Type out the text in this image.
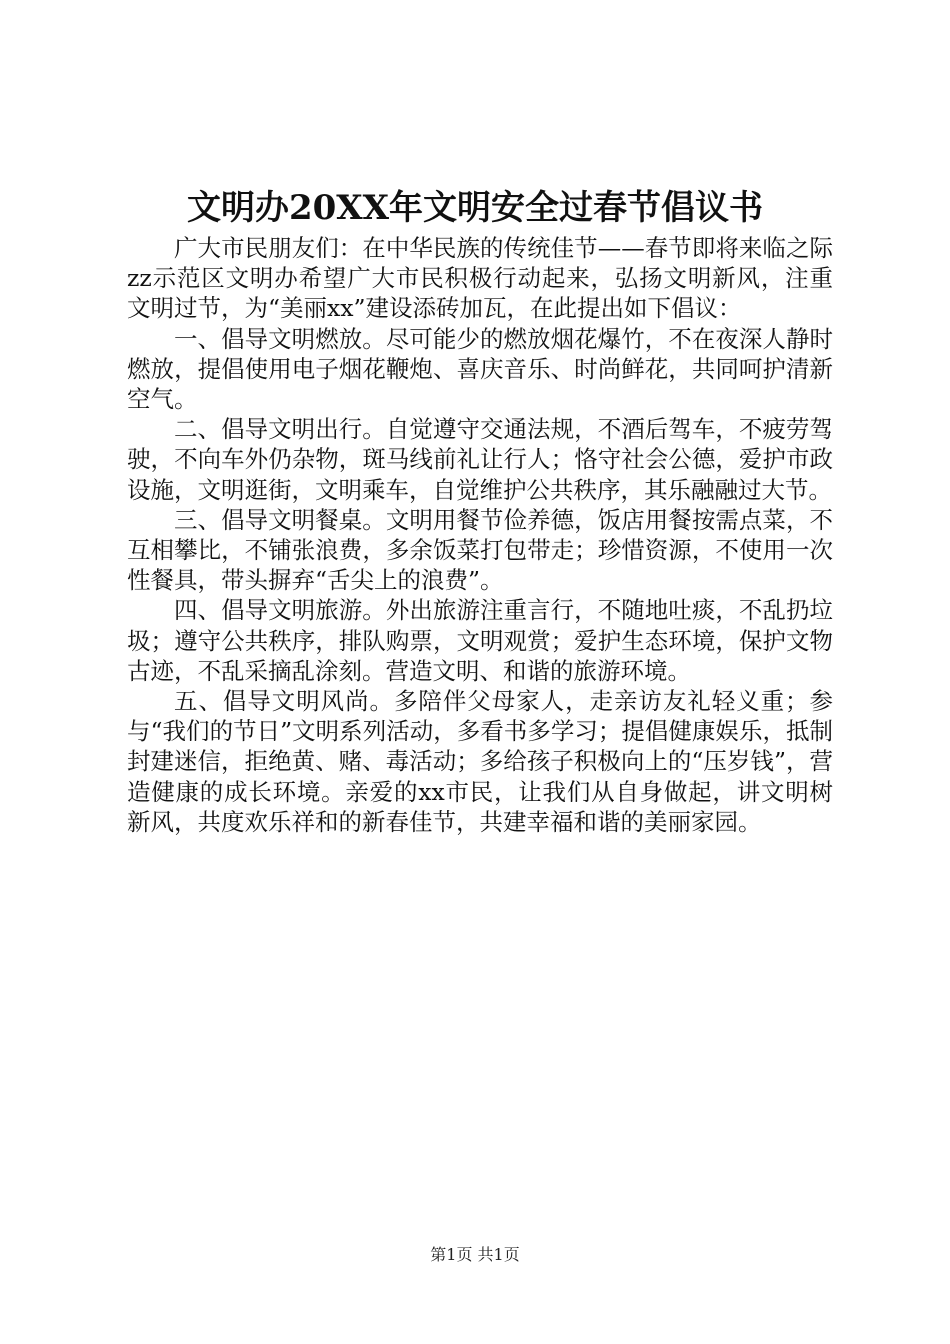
文明办20XX年文明安全过春节倡议书

广大市民朋友们：在中华民族的传统佳节——春节即将来临之际zz示范区文明办希望广大市民积极行动起来，弘扬文明新风，注重文明过节，为“美丽xx”建设添砖加瓦，在此提出如下倡议：

一、倡导文明燃放。尽可能少的燃放烟花爆竹，不在夜深人静时燃放，提倡使用电子烟花鞭炮、喜庆音乐、时尚鲜花，共同呵护清新空气。

二、倡导文明出行。自觉遵守交通法规，不酒后驾车，不疲劳驾驶，不向车外仍杂物，斑马线前礼让行人；恪守社会公德，爱护市政设施，文明逛街，文明乘车，自觉维护公共秩序，其乐融融过大节。

三、倡导文明餐桌。文明用餐节俭养德，饭店用餐按需点菜，不互相攀比，不铺张浪费，多余饭菜打包带走；珍惜资源，不使用一次性餐具，带头摒弃“舌尖上的浪费”。

四、倡导文明旅游。外出旅游注重言行，不随地吐痰，不乱扔垃圾；遵守公共秩序，排队购票，文明观赏；爱护生态环境，保护文物古迹，不乱采摘乱涂刻。营造文明、和谐的旅游环境。

五、倡导文明风尚。多陪伴父母家人，走亲访友礼轻义重；参与“我们的节日”文明系列活动，多看书多学习；提倡健康娱乐，抵制封建迷信，拒绝黄、赌、毒活动；多给孩子积极向上的“压岁钱”，营造健康的成长环境。亲爱的xx市民，让我们从自身做起，讲文明树新风，共度欢乐祥和的新春佳节，共建幸福和谐的美丽家园。

第1页 共1页
